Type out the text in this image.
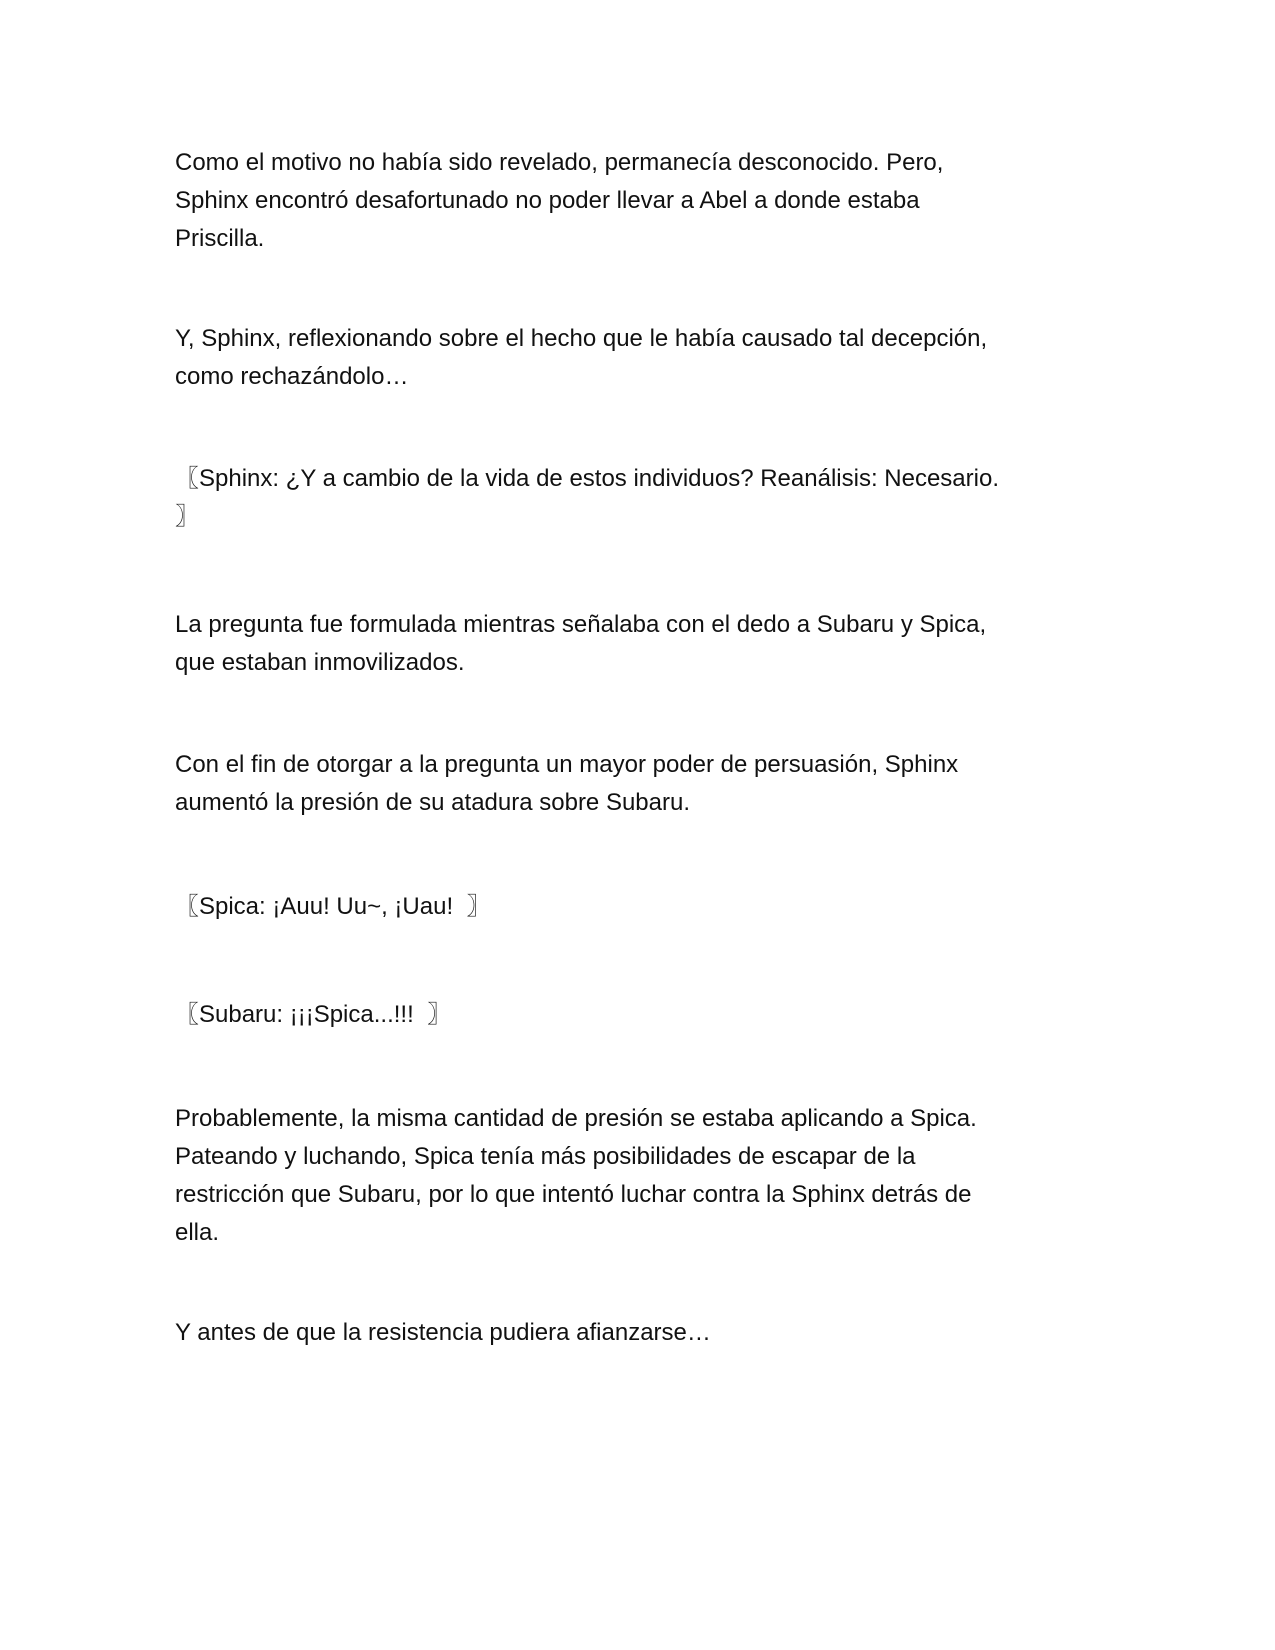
Como el motivo no había sido revelado, permanecía desconocido. Pero,
Sphinx encontró desafortunado no poder llevar a Abel a donde estaba
Priscilla.

Y, Sphinx, reflexionando sobre el hecho que le había causado tal decepción,
como rechazándolo…

〖Sphinx: ¿Y a cambio de la vida de estos individuos? Reanálisis: Necesario.
〗

La pregunta fue formulada mientras señalaba con el dedo a Subaru y Spica,
que estaban inmovilizados.

Con el fin de otorgar a la pregunta un mayor poder de persuasión, Sphinx
aumentó la presión de su atadura sobre Subaru.

〖Spica: ¡Auu! Uu~, ¡Uau!  〗

〖Subaru: ¡¡¡Spica...!!!  〗

Probablemente, la misma cantidad de presión se estaba aplicando a Spica.
Pateando y luchando, Spica tenía más posibilidades de escapar de la
restricción que Subaru, por lo que intentó luchar contra la Sphinx detrás de
ella.

Y antes de que la resistencia pudiera afianzarse…
